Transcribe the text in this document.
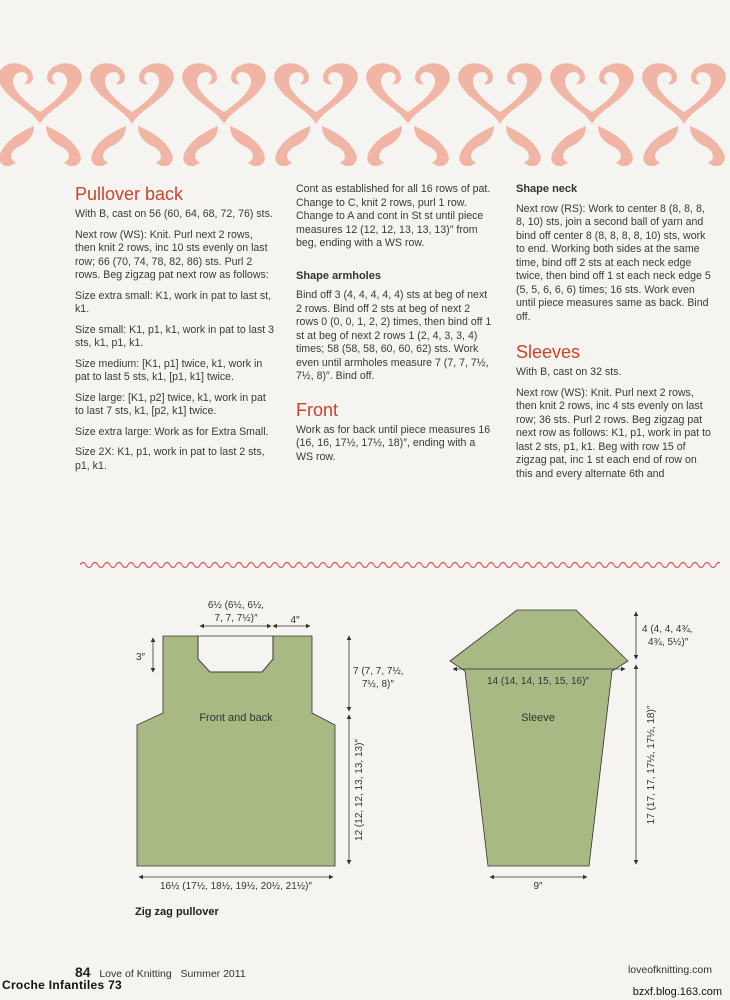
Pullover back

With B, cast on 56 (60, 64, 68, 72, 76) sts.

Next row (WS): Knit. Purl next 2 rows, then knit 2 rows, inc 10 sts evenly on last row; 66 (70, 74, 78, 82, 86) sts. Purl 2 rows. Beg zigzag pat next row as follows:

Size extra small: K1, work in pat to last st, k1.

Size small: K1, p1, k1, work in pat to last 3 sts, k1, p1, k1.

Size medium: [K1, p1] twice, k1, work in pat to last 5 sts, k1, [p1, k1] twice.

Size large: [K1, p2] twice, k1, work in pat to last 7 sts, k1, [p2, k1] twice.

Size extra large: Work as for Extra Small.

Size 2X: K1, p1, work in pat to last 2 sts, p1, k1.

Cont as established for all 16 rows of pat. Change to C, knit 2 rows, purl 1 row. Change to A and cont in St st until piece measures 12 (12, 12, 13, 13, 13)″ from beg, ending with a WS row.

Shape armholes

Bind off 3 (4, 4, 4, 4, 4) sts at beg of next 2 rows. Bind off 2 sts at beg of next 2 rows 0 (0, 0, 1, 2, 2) times, then bind off 1 st at beg of next 2 rows 1 (2, 4, 3, 3, 4) times; 58 (58, 58, 60, 60, 62) sts. Work even until armholes measure 7 (7, 7, 7½, 7½, 8)″. Bind off.

Front

Work as for back until piece measures 16 (16, 16, 17½, 17½, 18)″, ending with a WS row.

Shape neck

Next row (RS): Work to center 8 (8, 8, 8, 8, 10) sts, join a second ball of yarn and bind off center 8 (8, 8, 8, 8, 10) sts, work to end. Working both sides at the same time, bind off 2 sts at each neck edge twice, then bind off 1 st each neck edge 5 (5, 5, 6, 6, 6) times; 16 sts. Work even until piece measures same as back. Bind off.

Sleeves

With B, cast on 32 sts.

Next row (WS): Knit. Purl next 2 rows, then knit 2 rows, inc 4 sts evenly on last row; 36 sts. Purl 2 rows. Beg zigzag pat next row as follows: K1, p1, work in pat to last 2 sts, p1, k1. Beg with row 15 of zigzag pat, inc 1 st each end of row on this and every alternate 6th and

Front and back
6½ (6½, 6½,
7, 7, 7½)″	4″
3″
7 (7, 7, 7½,
7½, 8)″
12 (12, 12, 13, 13, 13)″
16½ (17½, 18½, 19½, 20½, 21½)″
Sleeve
14 (14, 14, 15, 15, 16)″
4 (4, 4, 4¾,
4¾, 5½)″
17 (17, 17, 17½, 17½, 18)″
9″
Zig zag pullover
84 Love of Knitting Summer 2011	loveofknitting.com
Croche Infantiles 73	bzxf.blog.163.com
